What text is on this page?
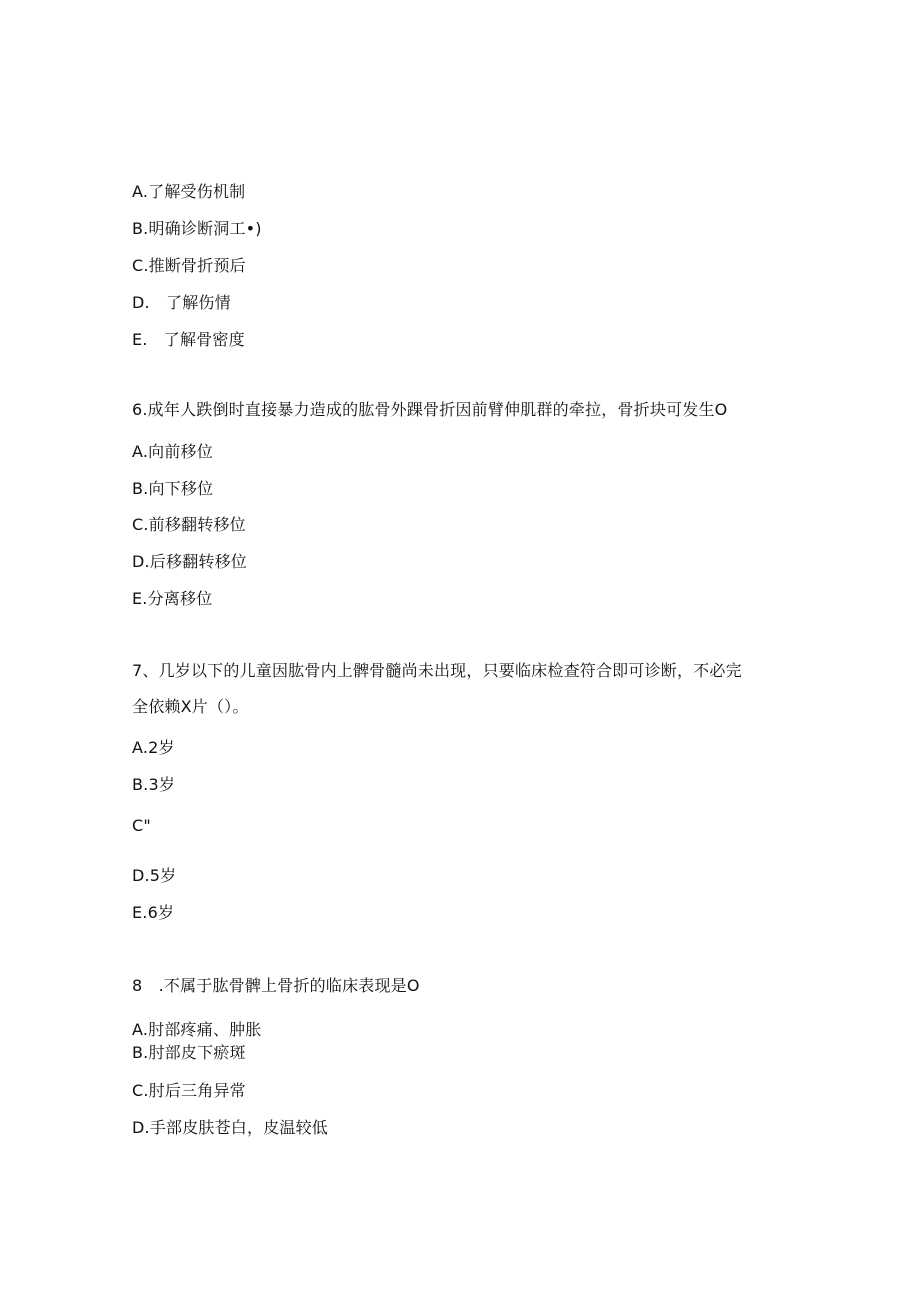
A.了解受伤机制
B.明确诊断洞工•)
C.推断骨折预后
D.　了解伤情
E.　了解骨密度
6.成年人跌倒时直接暴力造成的肱骨外踝骨折因前臂伸肌群的牵拉，骨折块可发生O
A.向前移位
B.向下移位
C.前移翻转移位
D.后移翻转移位
E.分离移位
7、几岁以下的儿童因肱骨内上髀骨髓尚未出现，只要临床检查符合即可诊断，不必完
全依赖X片（）。
A.2岁
B.3岁
C"
D.5岁
E.6岁
8　.不属于肱骨髀上骨折的临床表现是O
A.肘部疼痛、肿胀
B.肘部皮下瘀斑
C.肘后三角异常
D.手部皮肤苍白，皮温较低
